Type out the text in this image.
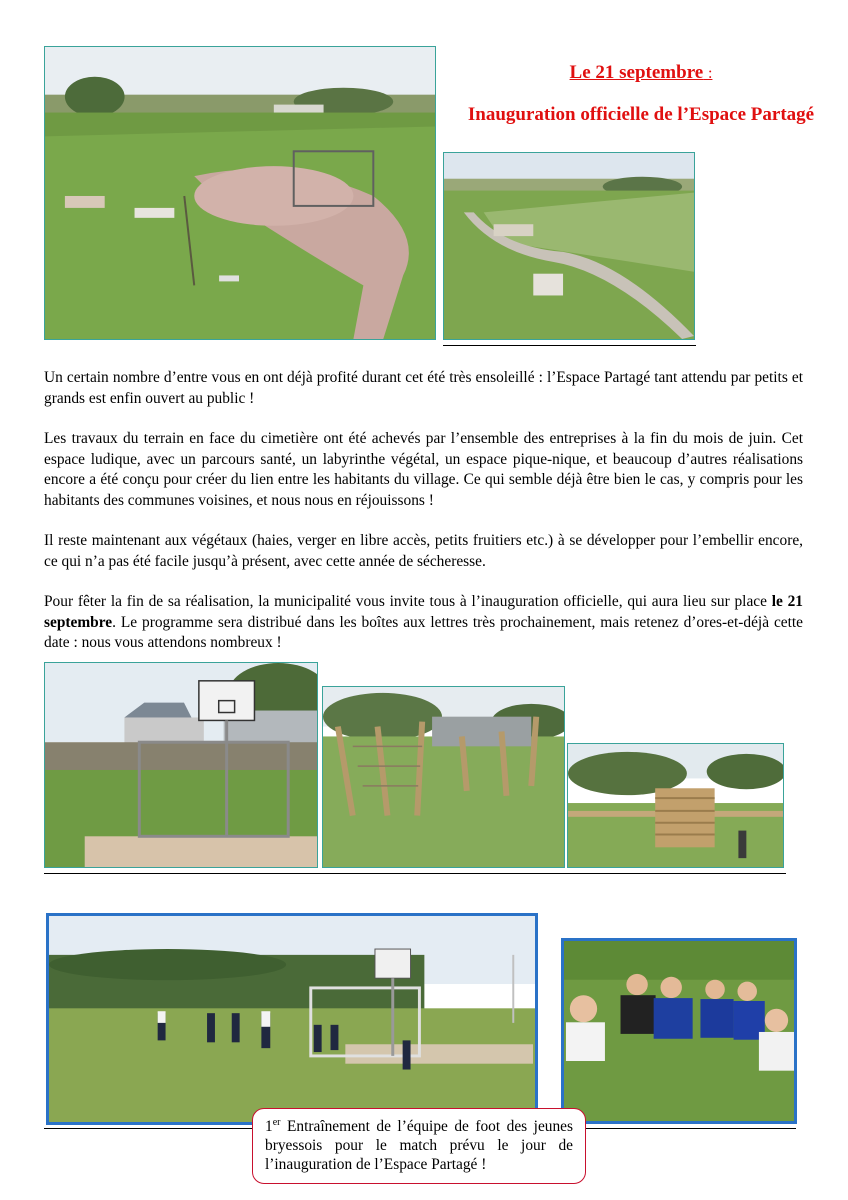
Le 21 septembre :
Inauguration officielle de l’Espace Partagé

Un certain nombre d’entre vous en ont déjà profité durant cet été très ensoleillé : l’Espace Partagé tant attendu par petits et grands est enfin ouvert au public !

Les travaux du terrain en face du cimetière ont été achevés par l’ensemble des entreprises à la fin du mois de juin. Cet espace ludique, avec un parcours santé, un labyrinthe végétal, un espace pique-nique, et beaucoup d’autres réalisations encore a été conçu pour créer du lien entre les habitants du village. Ce qui semble déjà être bien le cas, y compris pour les habitants des communes voisines, et nous nous en réjouissons !

Il reste maintenant aux végétaux (haies, verger en libre accès, petits fruitiers etc.) à se développer pour l’embellir encore, ce qui n’a pas été facile jusqu’à présent, avec cette année de sécheresse.

Pour fêter la fin de sa réalisation, la municipalité vous invite tous à l’inauguration officielle, qui aura lieu sur place le 21 septembre. Le programme sera distribué dans les boîtes aux lettres très prochainement, mais retenez d’ores-et-déjà cette date : nous vous attendons nombreux !

1er Entraînement de l’équipe de foot des jeunes bryessois pour le match prévu le jour de l’inauguration de l’Espace Partagé !
